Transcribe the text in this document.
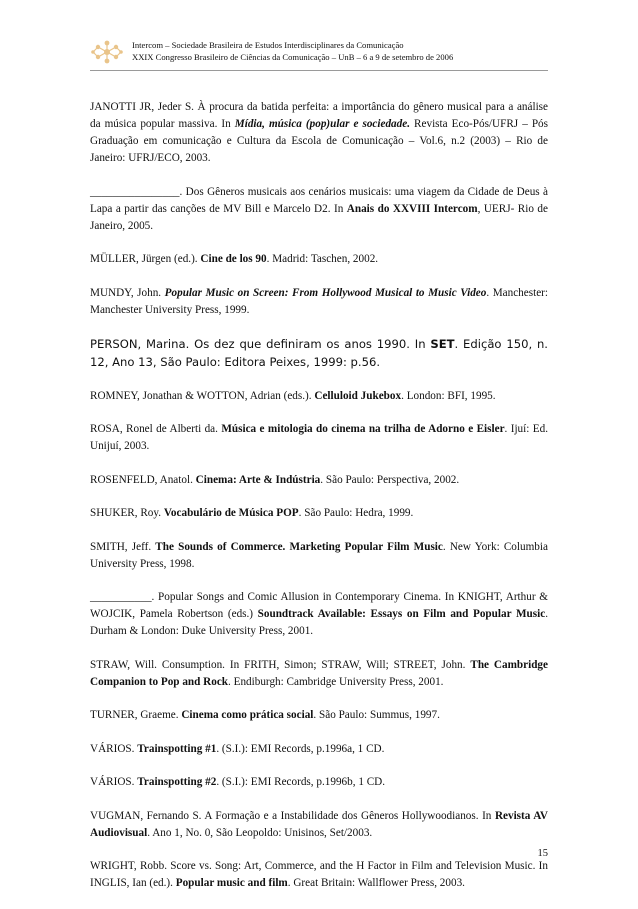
Intercom – Sociedade Brasileira de Estudos Interdisciplinares da Comunicação
XXIX Congresso Brasileiro de Ciências da Comunicação – UnB – 6 a 9 de setembro de 2006

JANOTTI JR, Jeder S. À procura da batida perfeita: a importância do gênero musical para a análise da música popular massiva. In Mídia, música (pop)ular e sociedade. Revista Eco-Pós/UFRJ – Pós Graduação em comunicação e Cultura da Escola de Comunicação – Vol.6, n.2 (2003) – Rio de Janeiro: UFRJ/ECO, 2003.

________________. Dos Gêneros musicais aos cenários musicais: uma viagem da Cidade de Deus à Lapa a partir das canções de MV Bill e Marcelo D2. In Anais do XXVIII Intercom, UERJ- Rio de Janeiro, 2005.

MÜLLER, Jürgen (ed.). Cine de los 90. Madrid: Taschen, 2002.

MUNDY, John. Popular Music on Screen: From Hollywood Musical to Music Video. Manchester: Manchester University Press, 1999.

PERSON, Marina. Os dez que definiram os anos 1990. In SET. Edição 150, n. 12, Ano 13, São Paulo: Editora Peixes, 1999: p.56.

ROMNEY, Jonathan & WOTTON, Adrian (eds.). Celluloid Jukebox. London: BFI, 1995.

ROSA, Ronel de Alberti da. Música e mitologia do cinema na trilha de Adorno e Eisler. Ijuí: Ed. Unijuí, 2003.

ROSENFELD, Anatol. Cinema: Arte & Indústria. São Paulo: Perspectiva, 2002.

SHUKER, Roy. Vocabulário de Música POP. São Paulo: Hedra, 1999.

SMITH, Jeff. The Sounds of Commerce. Marketing Popular Film Music. New York: Columbia University Press, 1998.

___________. Popular Songs and Comic Allusion in Contemporary Cinema. In KNIGHT, Arthur & WOJCIK, Pamela Robertson (eds.) Soundtrack Available: Essays on Film and Popular Music. Durham & London: Duke University Press, 2001.

STRAW, Will. Consumption. In FRITH, Simon; STRAW, Will; STREET, John. The Cambridge Companion to Pop and Rock. Endiburgh: Cambridge University Press, 2001.

TURNER, Graeme. Cinema como prática social. São Paulo: Summus, 1997.

VÁRIOS. Trainspotting #1. (S.I.): EMI Records, p.1996a, 1 CD.

VÁRIOS. Trainspotting #2. (S.I.): EMI Records, p.1996b, 1 CD.

VUGMAN, Fernando S. A Formação e a Instabilidade dos Gêneros Hollywoodianos. In Revista AV Audiovisual. Ano 1, No. 0, São Leopoldo: Unisinos, Set/2003.

WRIGHT, Robb. Score vs. Song: Art, Commerce, and the H Factor in Film and Television Music. In INGLIS, Ian (ed.). Popular music and film. Great Britain: Wallflower Press, 2003.

15
